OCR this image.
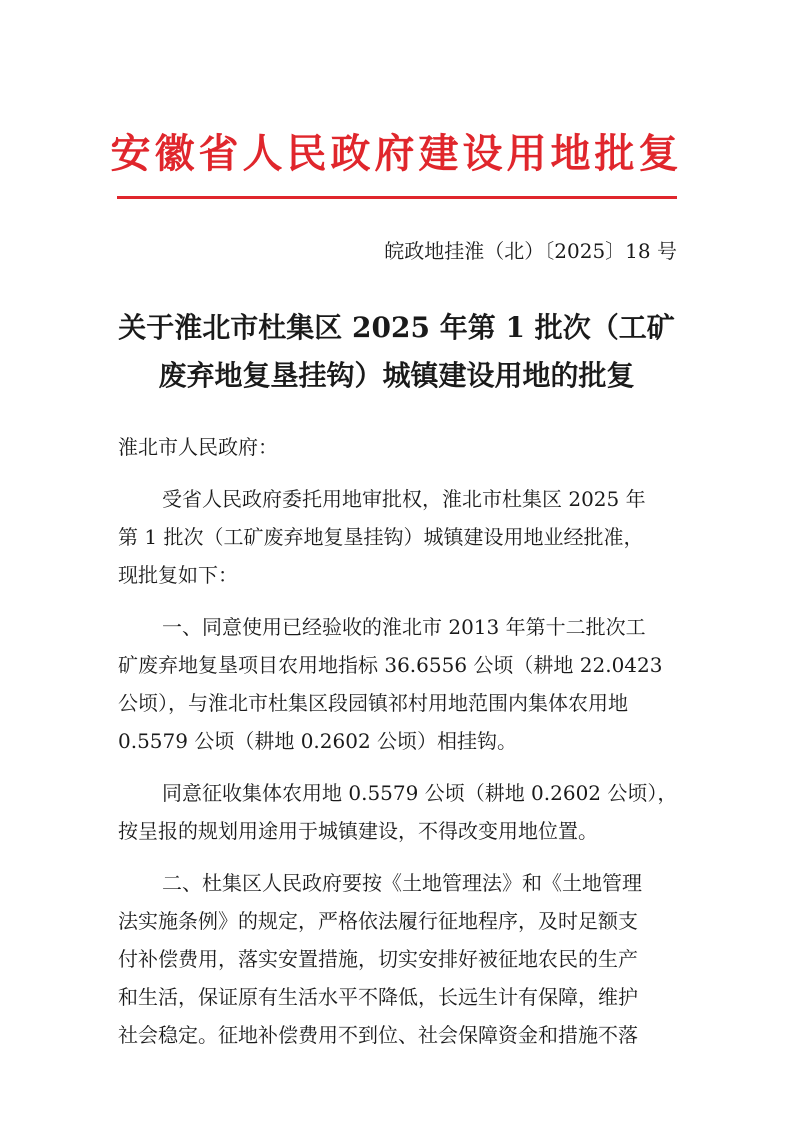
安徽省人民政府建设用地批复
皖政地挂淮（北）〔2025〕18 号
关于淮北市杜集区 2025 年第 1 批次（工矿
废弃地复垦挂钩）城镇建设用地的批复
淮北市人民政府：
受省人民政府委托用地审批权，淮北市杜集区 2025 年
第 1 批次（工矿废弃地复垦挂钩）城镇建设用地业经批准，
现批复如下：
一、同意使用已经验收的淮北市 2013 年第十二批次工
矿废弃地复垦项目农用地指标 36.6556 公顷（耕地 22.0423
公顷），与淮北市杜集区段园镇祁村用地范围内集体农用地
0.5579 公顷（耕地 0.2602 公顷）相挂钩。
同意征收集体农用地 0.5579 公顷（耕地 0.2602 公顷），
按呈报的规划用途用于城镇建设，不得改变用地位置。
二、杜集区人民政府要按《土地管理法》和《土地管理
法实施条例》的规定，严格依法履行征地程序，及时足额支
付补偿费用，落实安置措施，切实安排好被征地农民的生产
和生活，保证原有生活水平不降低，长远生计有保障，维护
社会稳定。征地补偿费用不到位、社会保障资金和措施不落
